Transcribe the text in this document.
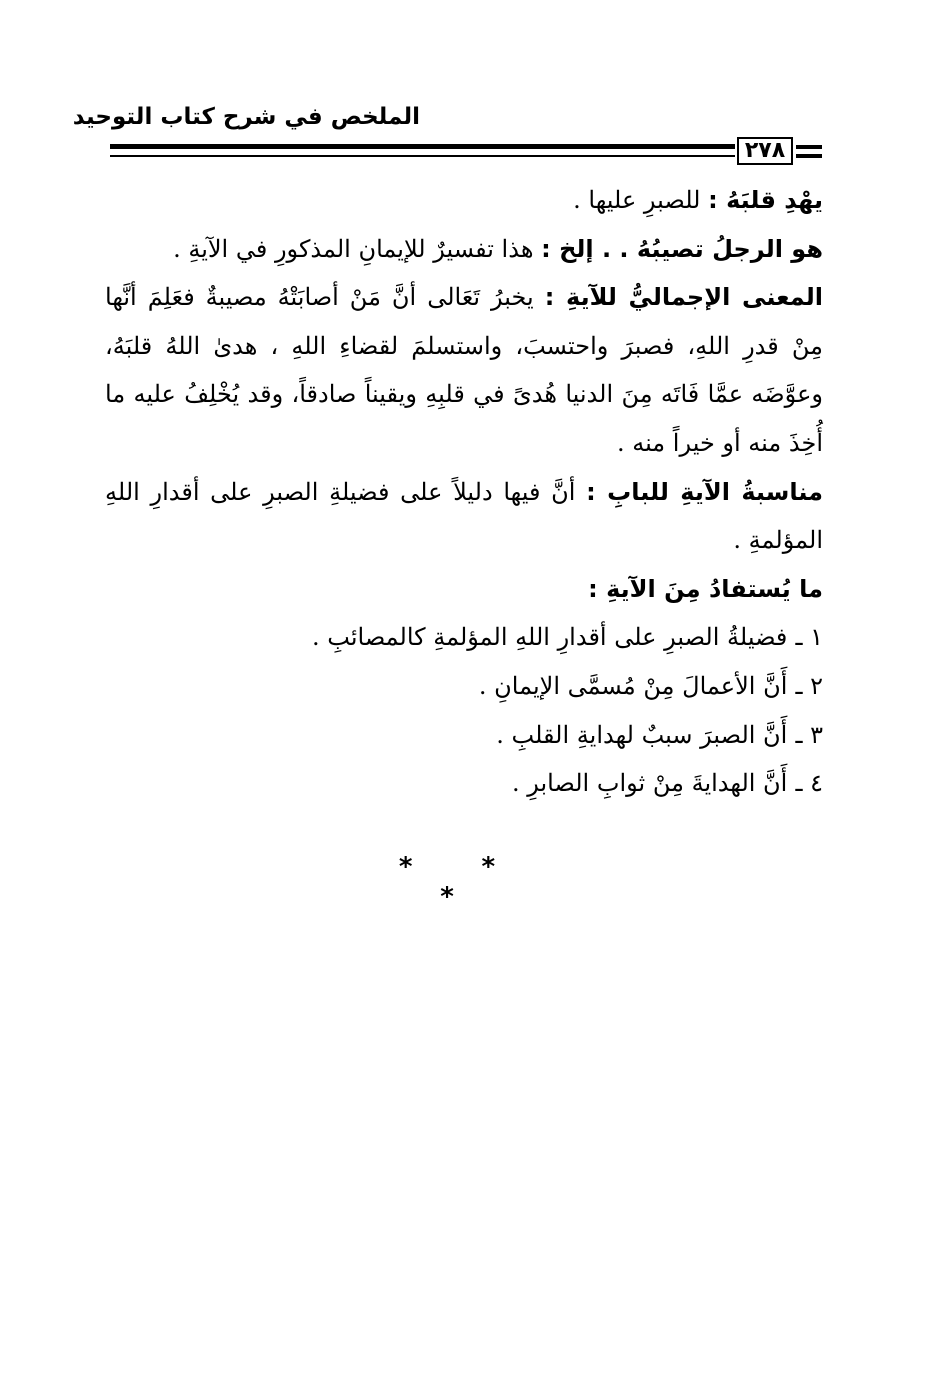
الملخص في شرح كتاب التوحيد
٢٧٨

يهْدِ قلبَهُ : للصبرِ عليها .

هو الرجلُ تصيبُهُ . . إلخ : هذا تفسيرٌ للإيمانِ المذكورِ في الآيةِ .

المعنى الإجماليُّ للآيةِ : يخبرُ تَعَالى أنَّ مَنْ أصابَتْهُ مصيبةٌ فعَلِمَ أنَّها مِنْ قدرِ اللهِ، فصبرَ واحتسبَ، واستسلمَ لقضاءِ اللهِ ، هدىٰ اللهُ قلبَهُ، وعوَّضَه عمَّا فَاتَه مِنَ الدنيا هُدىً في قلبِهِ ويقيناً صادقاً، وقد يُخْلِفُ عليه ما أُخِذَ منه أو خيراً منه .

مناسبةُ الآيةِ للبابِ : أنَّ فيها دليلاً على فضيلةِ الصبرِ على أقدارِ اللهِ المؤلمةِ .

ما يُستفادُ مِنَ الآيةِ :

١ ـ فضيلةُ الصبرِ على أقدارِ اللهِ المؤلمةِ كالمصائبِ .

٢ ـ أَنَّ الأعمالَ مِنْ مُسمَّى الإيمانِ .

٣ ـ أَنَّ الصبرَ سببٌ لهدايةِ القلبِ .

٤ ـ أَنَّ الهدايةَ مِنْ ثوابِ الصابرِ .

* * *
